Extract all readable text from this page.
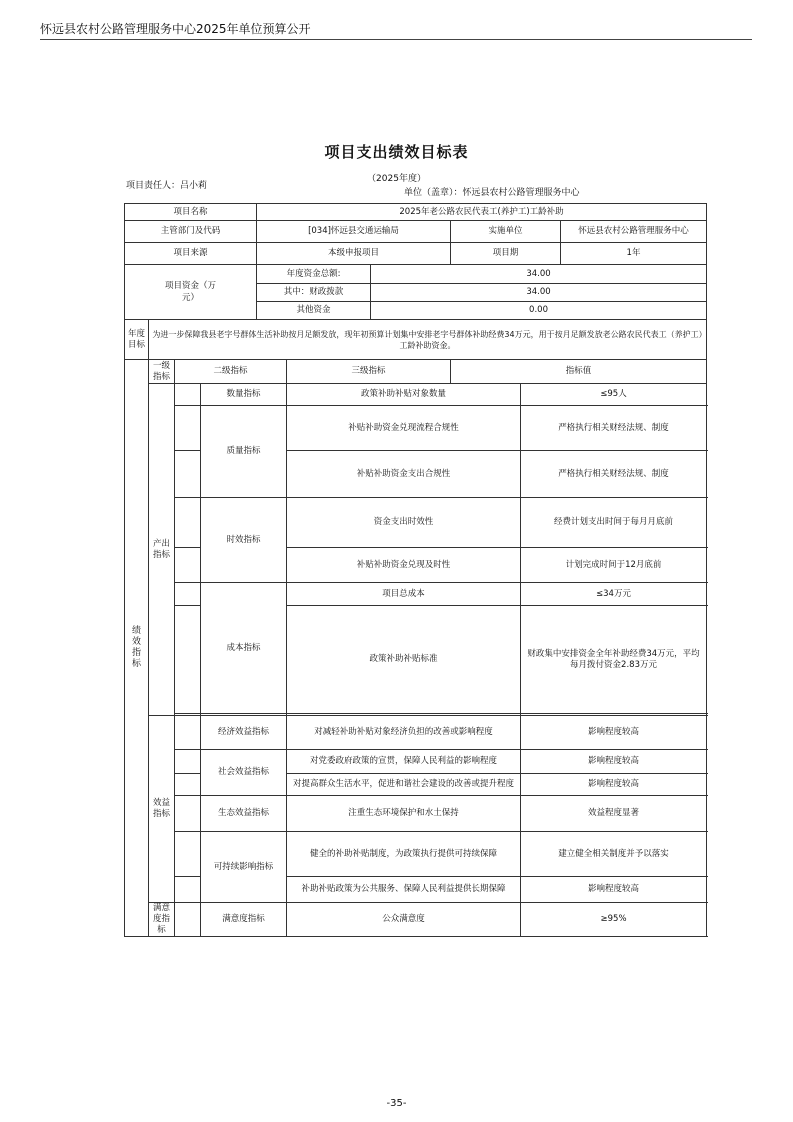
怀远县农村公路管理服务中心2025年单位预算公开
项目支出绩效目标表
（2025年度）
项目责任人：吕小莉
单位（盖章）：怀远县农村公路管理服务中心
项目名称				2025年老公路农民代表工(养护工)工龄补助					
主管部门及代码				[034]怀远县交通运输局			实施单位		怀远县农村公路管理服务中心
项目来源				本级申报项目			项目期		1年

项目资金（万元）				年度资金总额:		34.00			
				其中：财政拨款		34.00			
				其他资金		0.00			

年度目标	为进一步保障我县老字号群体生活补助按月足额发放，现年初预算计划集中安排老字号群体补助经费34万元，用于按月足额发放老公路农民代表工（养护工）工龄补助资金。								

绩效指标	一级指标	二级指标			三级指标		指标值		
	产出指标		数量指标		政策补助补贴对象数量			≤95人	
			质量指标		补贴补助资金兑现流程合规性			严格执行相关财经法规、制度	
					补贴补助资金支出合规性			严格执行相关财经法规、制度	
			时效指标		资金支出时效性			经费计划支出时间于每月月底前	
					补贴补助资金兑现及时性			计划完成时间于12月底前	
			成本指标		项目总成本			≤34万元	
					政策补助补贴标准			财政集中安排资金全年补助经费34万元，平均每月拨付资金2.83万元	

	效益指标		经济效益指标		对减轻补助补贴对象经济负担的改善或影响程度			影响程度较高	
			社会效益指标		对党委政府政策的宣贯，保障人民利益的影响程度			影响程度较高	
					对提高群众生活水平，促进和谐社会建设的改善或提升程度			影响程度较高	
			生态效益指标		注重生态环境保护和水土保持			效益程度显著	
			可持续影响指标		健全的补助补贴制度，为政策执行提供可持续保障			建立健全相关制度并予以落实	
					补助补贴政策为公共服务、保障人民利益提供长期保障			影响程度较高	
	满意度指标		满意度指标		公众满意度			≥95%	
-35-
